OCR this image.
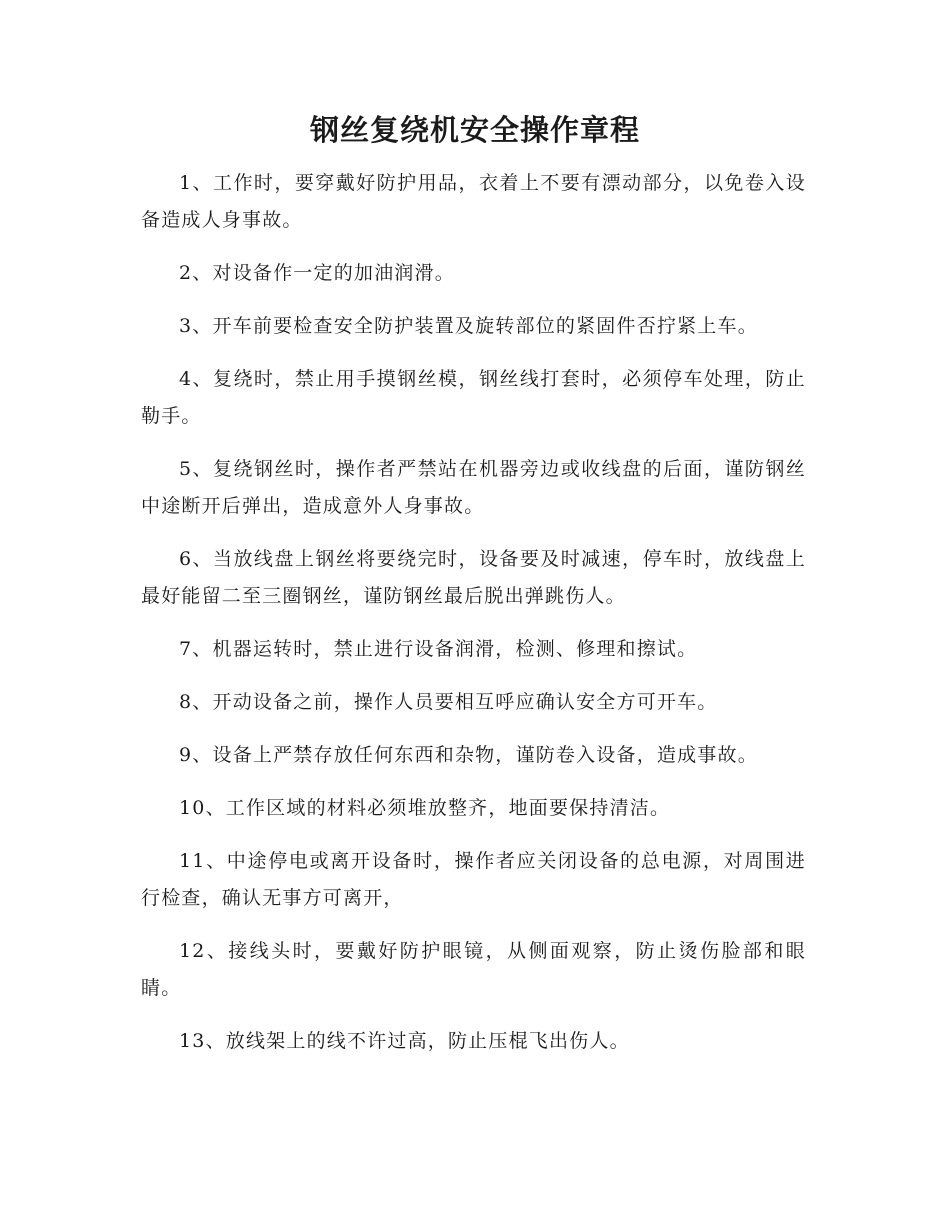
钢丝复绕机安全操作章程

1、工作时，要穿戴好防护用品，衣着上不要有漂动部分，以免卷入设备造成人身事故。

2、对设备作一定的加油润滑。

3、开车前要检查安全防护装置及旋转部位的紧固件否拧紧上车。

4、复绕时，禁止用手摸钢丝模，钢丝线打套时，必须停车处理，防止勒手。

5、复绕钢丝时，操作者严禁站在机器旁边或收线盘的后面，谨防钢丝中途断开后弹出，造成意外人身事故。

6、当放线盘上钢丝将要绕完时，设备要及时减速，停车时，放线盘上最好能留二至三圈钢丝，谨防钢丝最后脱出弹跳伤人。

7、机器运转时，禁止进行设备润滑，检测、修理和擦试。

8、开动设备之前，操作人员要相互呼应确认安全方可开车。

9、设备上严禁存放任何东西和杂物，谨防卷入设备，造成事故。

10、工作区域的材料必须堆放整齐，地面要保持清洁。

11、中途停电或离开设备时，操作者应关闭设备的总电源，对周围进行检查，确认无事方可离开，

12、接线头时，要戴好防护眼镜，从侧面观察，防止烫伤脸部和眼睛。

13、放线架上的线不许过高，防止压棍飞出伤人。
